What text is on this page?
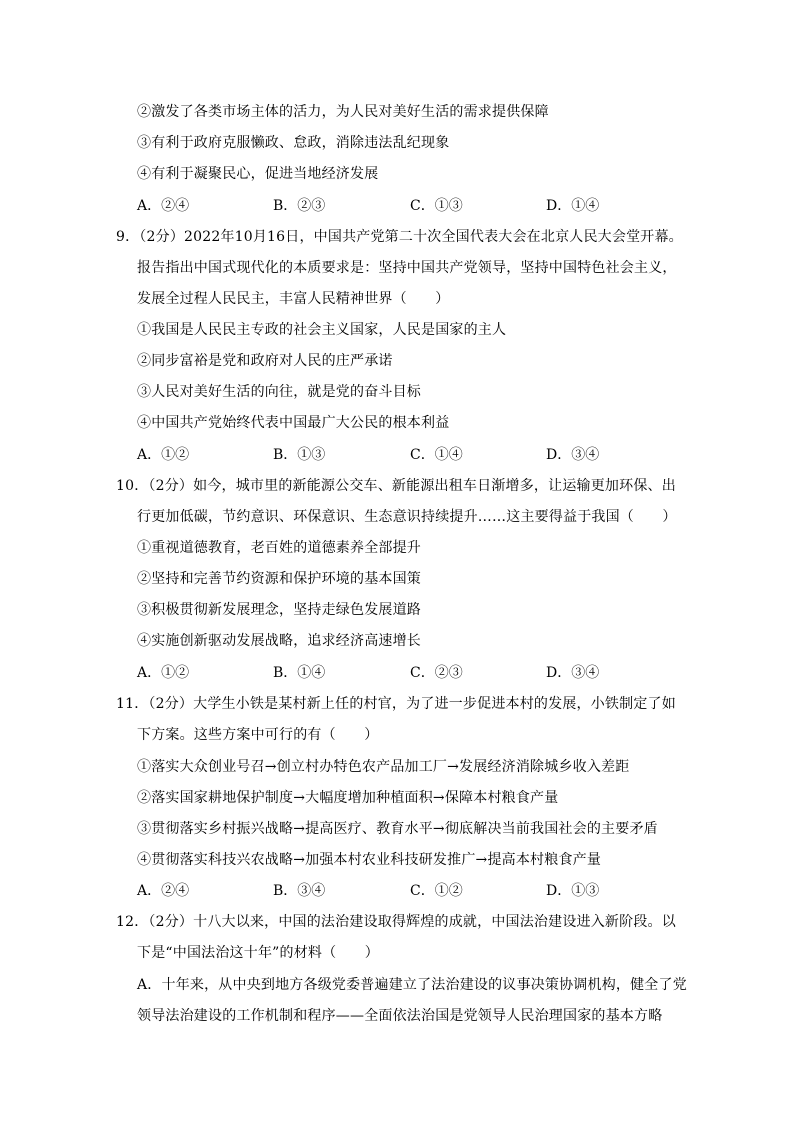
②激发了各类市场主体的活力，为人民对美好生活的需求提供保障
③有利于政府克服懒政、怠政，消除违法乱纪现象
④有利于凝聚民心，促进当地经济发展
A．②④	B．②③	C．①③	D．①④
9．（2分）2022年10月16日，中国共产党第二十次全国代表大会在北京人民大会堂开幕。
报告指出中国式现代化的本质要求是：坚持中国共产党领导，坚持中国特色社会主义，
发展全过程人民民主，丰富人民精神世界（　　）
①我国是人民民主专政的社会主义国家，人民是国家的主人
②同步富裕是党和政府对人民的庄严承诺
③人民对美好生活的向往，就是党的奋斗目标
④中国共产党始终代表中国最广大公民的根本利益
A．①②	B．①③	C．①④	D．③④
10．（2分）如今，城市里的新能源公交车、新能源出租车日渐增多，让运输更加环保、出
行更加低碳，节约意识、环保意识、生态意识持续提升……这主要得益于我国（　　）
①重视道德教育，老百姓的道德素养全部提升
②坚持和完善节约资源和保护环境的基本国策
③积极贯彻新发展理念，坚持走绿色发展道路
④实施创新驱动发展战略，追求经济高速增长
A．①②	B．①④	C．②③	D．③④
11．（2分）大学生小铁是某村新上任的村官，为了进一步促进本村的发展，小铁制定了如
下方案。这些方案中可行的有（　　）
①落实大众创业号召→创立村办特色农产品加工厂→发展经济消除城乡收入差距
②落实国家耕地保护制度→大幅度增加种植面积→保障本村粮食产量
③贯彻落实乡村振兴战略→提高医疗、教育水平→彻底解决当前我国社会的主要矛盾
④贯彻落实科技兴农战略→加强本村农业科技研发推广→提高本村粮食产量
A．②④	B．③④	C．①②	D．①③
12．（2分）十八大以来，中国的法治建设取得辉煌的成就，中国法治建设进入新阶段。以
下是“中国法治这十年”的材料（　　）
A．十年来，从中央到地方各级党委普遍建立了法治建设的议事决策协调机构，健全了党
领导法治建设的工作机制和程序——全面依法治国是党领导人民治理国家的基本方略
